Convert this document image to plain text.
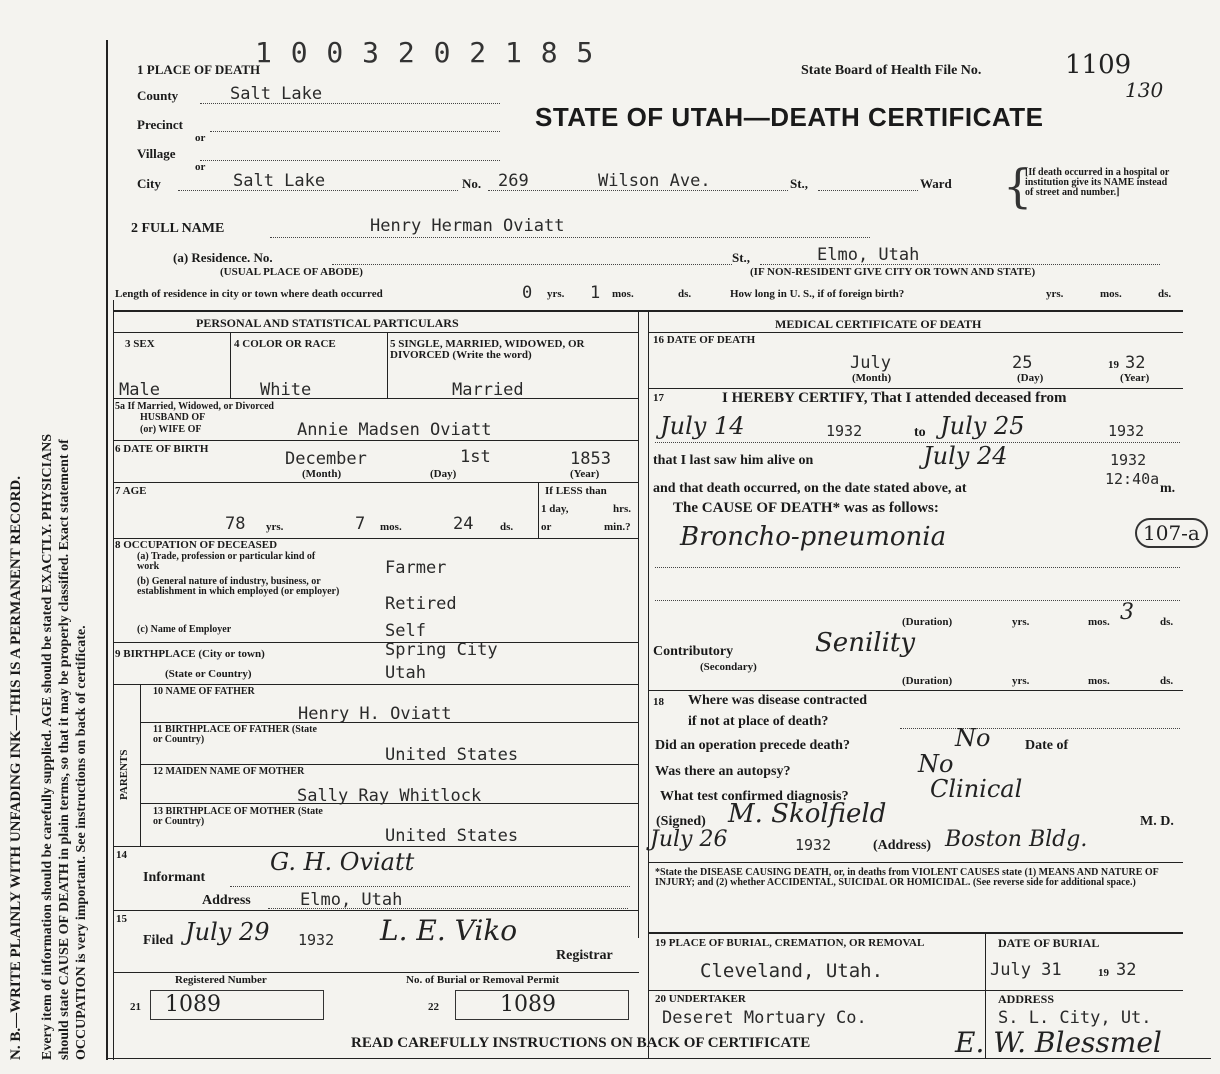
N. B.—WRITE PLAINLY WITH UNFADING INK—THIS IS A PERMANENT RECORD. Every item of information should be carefully supplied. AGE should be stated EXACTLY. PHYSICIANS should state CAUSE OF DEATH in plain terms, so that it may be properly classified. Exact statement of OCCUPATION is very important. See instructions on back of certificate.
1 0 0 3 2 0 2 1 8 5
State Board of Health File No.	1109
130
STATE OF UTAH—DEATH CERTIFICATE
1 PLACE OF DEATH
County	Salt Lake
Precinct
or
Village
or
City	Salt Lake	No. 269	Wilson Ave.	St.,	Ward {
[If death occurred in a hospital or institution give its NAME instead of street and number.]
2 FULL NAME	Henry Herman Oviatt
(a) Residence. No.
(USUAL PLACE OF ABODE)
St.,	Elmo, Utah
(IF NON-RESIDENT GIVE CITY OR TOWN AND STATE)
Length of residence in city or town where death occurred	0 yrs. 1 mos.	ds.	How long in U. S., if of foreign birth?	yrs.	mos.	ds.
PERSONAL AND STATISTICAL PARTICULARS	MEDICAL CERTIFICATE OF DEATH
3 SEX
Male
4 COLOR OR RACE
White
5 SINGLE, MARRIED, WIDOWED, OR DIVORCED (Write the word)
Married
5a If Married, Widowed, or Divorced
HUSBAND OF
(or) WIFE OF	Annie Madsen Oviatt
6 DATE OF BIRTH	December	1st	1853
(Month)	(Day)	(Year)
7 AGE
78 yrs.	7 mos.	24 ds.
If LESS than
1 day,	hrs.
or	min.?
8 OCCUPATION OF DECEASED
(a) Trade, profession or particular kind of work	Farmer
(b) General nature of industry, business, or establishment in which employed (or employer)
Retired
(c) Name of Employer	Self
9 BIRTHPLACE (City or town)	Spring City
(State or Country)	Utah
PARENTS
10 NAME OF FATHER
Henry H. Oviatt
11 BIRTHPLACE OF FATHER (State or Country)
United States
12 MAIDEN NAME OF MOTHER
Sally Ray Whitlock
13 BIRTHPLACE OF MOTHER (State or Country)
United States
14
Informant
G. H. Oviatt
Address	Elmo, Utah
15
Filed July 29 1932 L. E. Viko
Registrar
Registered Number
21 1089
No. of Burial or Removal Permit
22	1089
16 DATE OF DEATH
July	25	19 32
(Month)	(Day)	(Year)
17	I HEREBY CERTIFY, That I attended deceased from
July 14	1932	to July 25	1932
that I last saw him alive on	July 24	1932
and that death occurred, on the date stated above, at
12:40a
m.
The CAUSE OF DEATH* was as follows:
Broncho-pneumonia	107-a
(Duration)	yrs.	mos. 3 ds.
Contributory
(Secondary)
Senility
(Duration)	yrs.	mos.	ds.
18 Where was disease contracted
if not at place of death?
Did an operation precede death?	No Date of
Was there an autopsy?	No
What test confirmed diagnosis?	Clinical
(Signed) M. Skolfield	M. D.
July 26	1932	(Address) Boston Bldg.
*State the DISEASE CAUSING DEATH, or, in deaths from VIOLENT CAUSES state (1) MEANS AND NATURE OF INJURY; and (2) whether ACCIDENTAL, SUICIDAL OR HOMICIDAL. (See reverse side for additional space.)
19 PLACE OF BURIAL, CREMATION, OR REMOVAL
Cleveland, Utah.
DATE OF BURIAL
July 31	19 32
20 UNDERTAKER
Deseret Mortuary Co.
ADDRESS
S. L. City, Ut.
READ CAREFULLY INSTRUCTIONS ON BACK OF CERTIFICATE	E. W. Blessmel
